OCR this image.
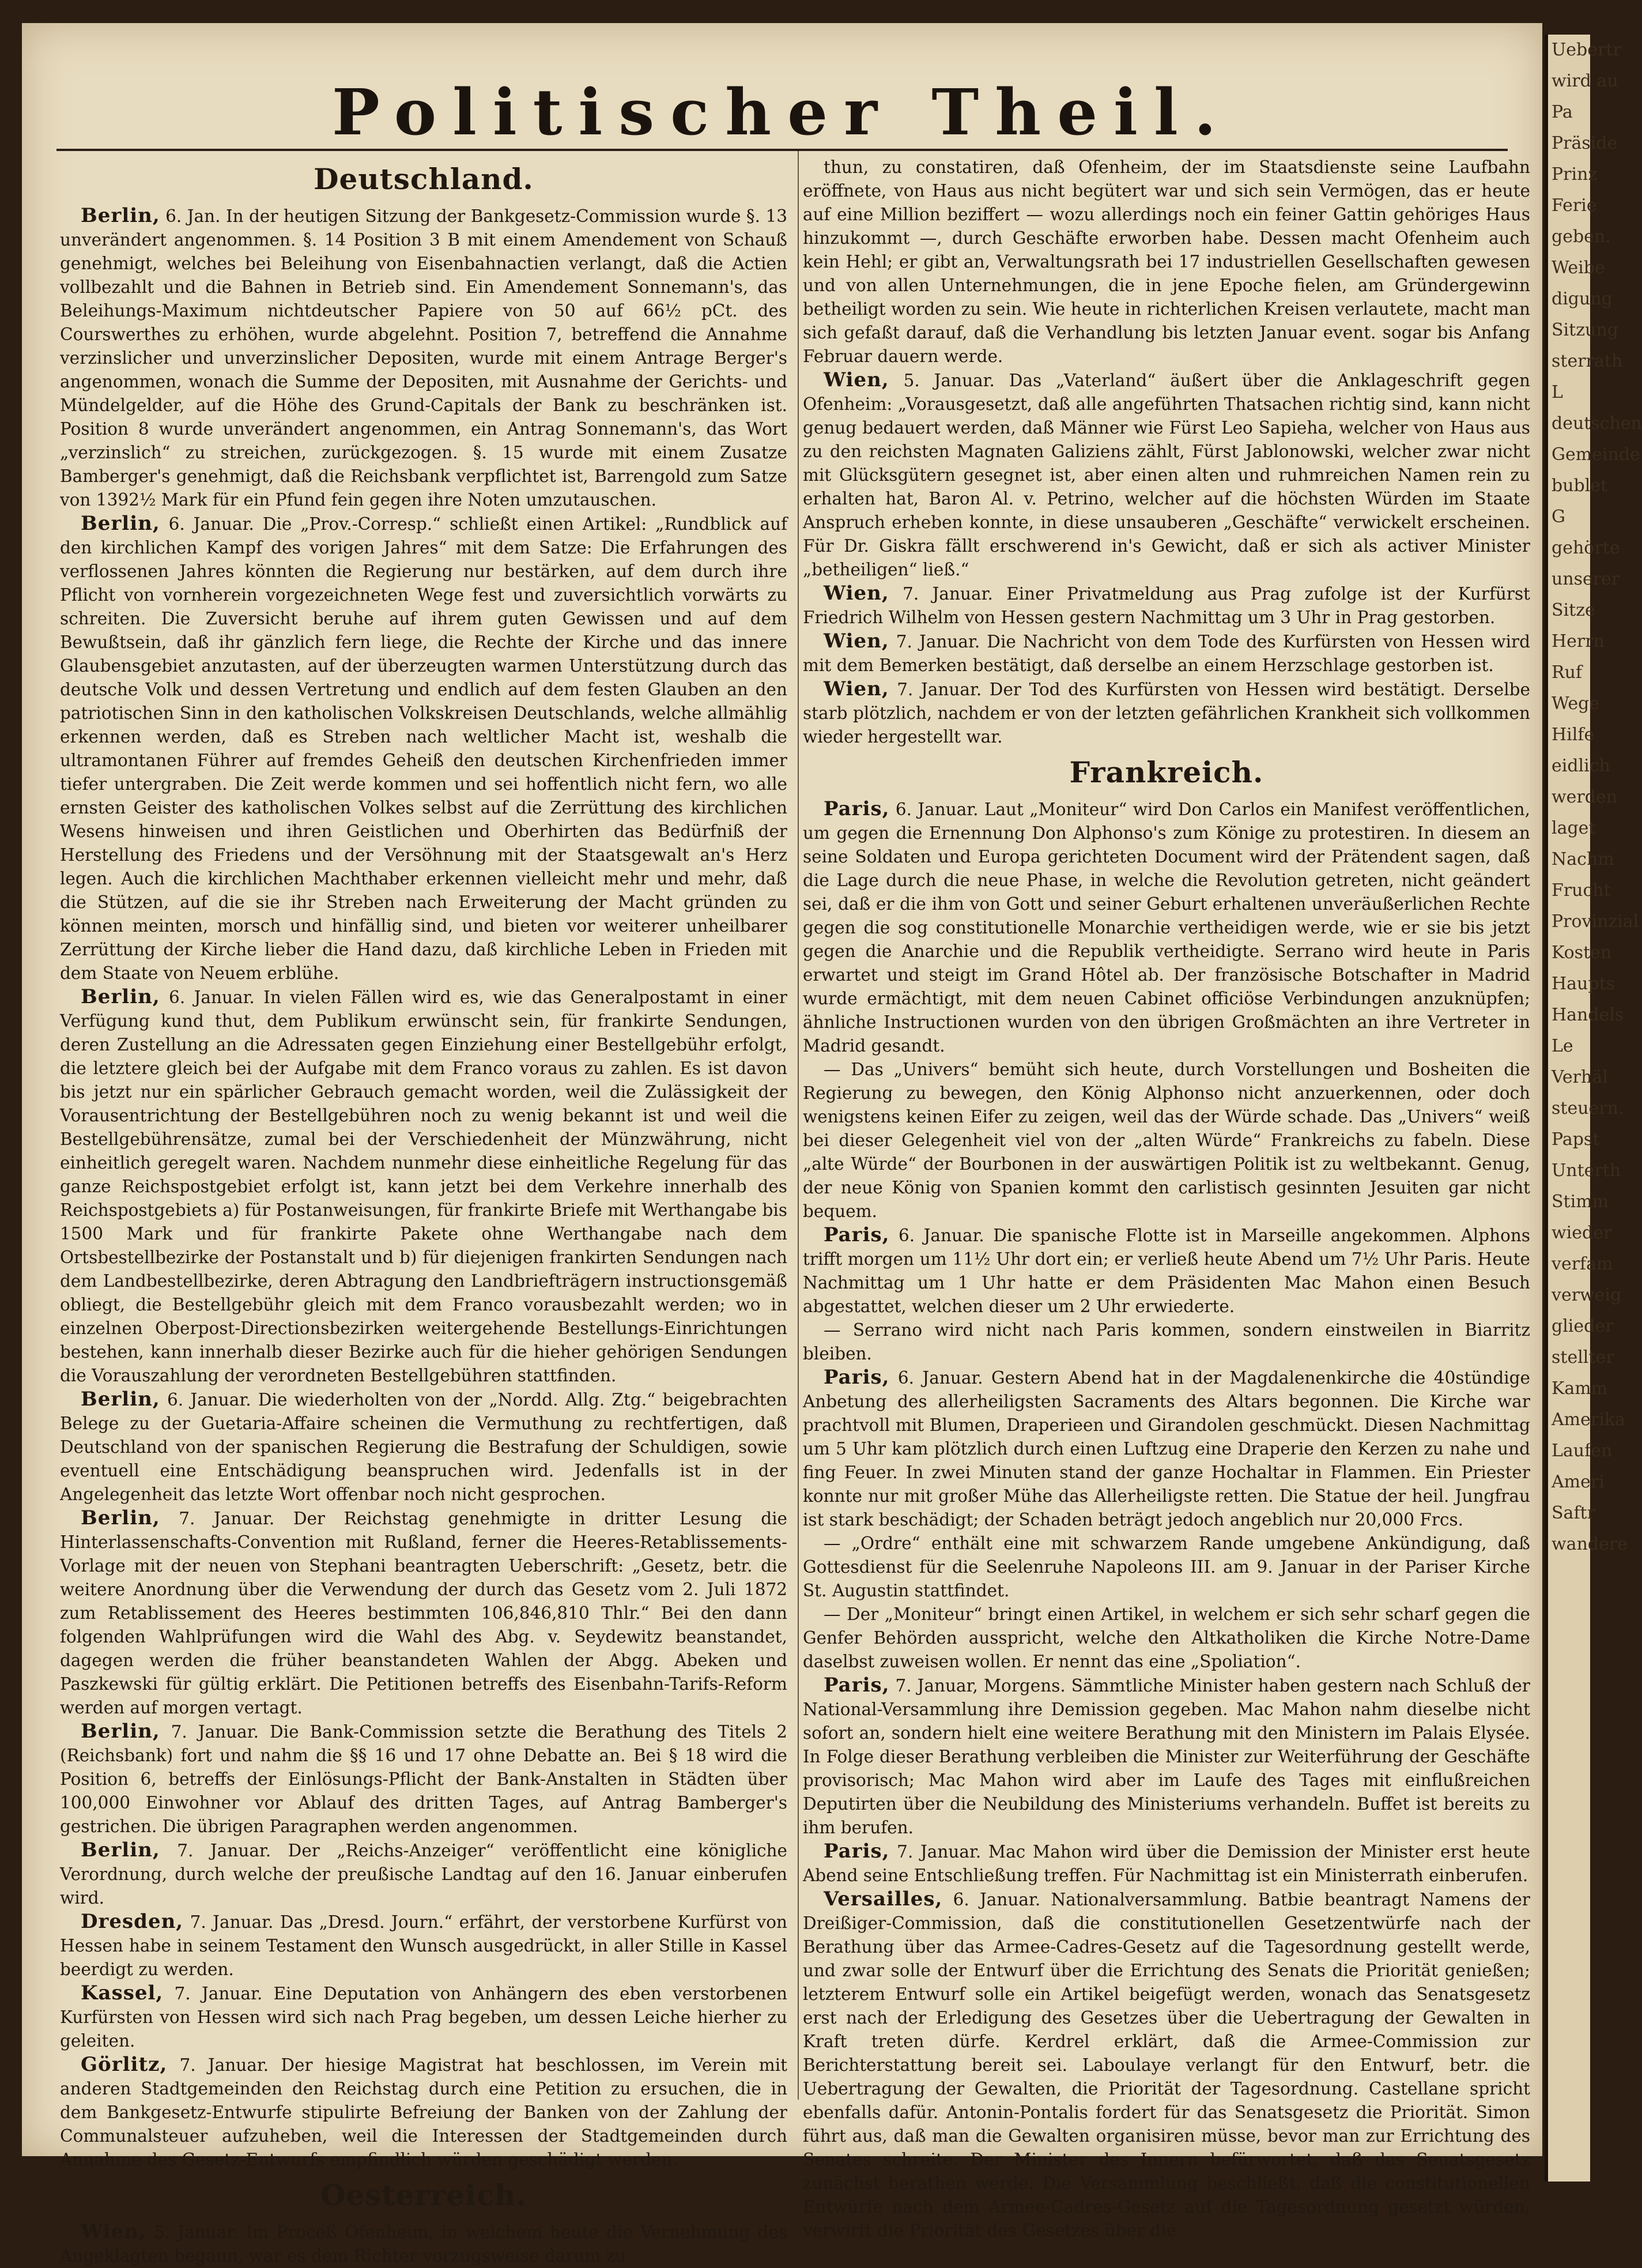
Politischer Theil.
Deutschland.

Berlin, 6. Jan. In der heutigen Sitzung der Bankgesetz-Commission wurde §. 13 unverändert angenommen. §. 14 Position 3 B mit einem Amendement von Schauß genehmigt, welches bei Beleihung von Eisenbahnactien verlangt, daß die Actien vollbezahlt und die Bahnen in Betrieb sind. Ein Amendement Sonnemann's, das Beleihungs-Maximum nichtdeutscher Papiere von 50 auf 66½ pCt. des Courswerthes zu erhöhen, wurde abgelehnt. Position 7, betreffend die Annahme verzinslicher und unverzinslicher Depositen, wurde mit einem Antrage Berger's angenommen, wonach die Summe der Depositen, mit Ausnahme der Gerichts- und Mündelgelder, auf die Höhe des Grund-Capitals der Bank zu beschränken ist. Position 8 wurde unverändert angenommen, ein Antrag Sonnemann's, das Wort „verzinslich“ zu streichen, zurückgezogen. §. 15 wurde mit einem Zusatze Bamberger's genehmigt, daß die Reichsbank verpflichtet ist, Barrengold zum Satze von 1392½ Mark für ein Pfund fein gegen ihre Noten umzutauschen.

Berlin, 6. Januar. Die „Prov.-Corresp.“ schließt einen Artikel: „Rundblick auf den kirchlichen Kampf des vorigen Jahres“ mit dem Satze: Die Erfahrungen des verflossenen Jahres könnten die Regierung nur bestärken, auf dem durch ihre Pflicht von vornherein vorgezeichneten Wege fest und zuversichtlich vorwärts zu schreiten. Die Zuversicht beruhe auf ihrem guten Gewissen und auf dem Bewußtsein, daß ihr gänzlich fern liege, die Rechte der Kirche und das innere Glaubensgebiet anzutasten, auf der überzeugten warmen Unterstützung durch das deutsche Volk und dessen Vertretung und endlich auf dem festen Glauben an den patriotischen Sinn in den katholischen Volkskreisen Deutschlands, welche allmählig erkennen werden, daß es Streben nach weltlicher Macht ist, weshalb die ultramontanen Führer auf fremdes Geheiß den deutschen Kirchenfrieden immer tiefer untergraben. Die Zeit werde kommen und sei hoffentlich nicht fern, wo alle ernsten Geister des katholischen Volkes selbst auf die Zerrüttung des kirchlichen Wesens hinweisen und ihren Geistlichen und Oberhirten das Bedürfniß der Herstellung des Friedens und der Versöhnung mit der Staatsgewalt an's Herz legen. Auch die kirchlichen Machthaber erkennen vielleicht mehr und mehr, daß die Stützen, auf die sie ihr Streben nach Erweiterung der Macht gründen zu können meinten, morsch und hinfällig sind, und bieten vor weiterer unheilbarer Zerrüttung der Kirche lieber die Hand dazu, daß kirchliche Leben in Frieden mit dem Staate von Neuem erblühe.

Berlin, 6. Januar. In vielen Fällen wird es, wie das Generalpostamt in einer Verfügung kund thut, dem Publikum erwünscht sein, für frankirte Sendungen, deren Zustellung an die Adressaten gegen Einziehung einer Bestellgebühr erfolgt, die letztere gleich bei der Aufgabe mit dem Franco voraus zu zahlen. Es ist davon bis jetzt nur ein spärlicher Gebrauch gemacht worden, weil die Zulässigkeit der Vorausentrichtung der Bestellgebühren noch zu wenig bekannt ist und weil die Bestellgebührensätze, zumal bei der Verschiedenheit der Münzwährung, nicht einheitlich geregelt waren. Nachdem nunmehr diese einheitliche Regelung für das ganze Reichspostgebiet erfolgt ist, kann jetzt bei dem Verkehre innerhalb des Reichspostgebiets a) für Postanweisungen, für frankirte Briefe mit Werthangabe bis 1500 Mark und für frankirte Pakete ohne Werthangabe nach dem Ortsbestellbezirke der Postanstalt und b) für diejenigen frankirten Sendungen nach dem Landbestellbezirke, deren Abtragung den Landbriefträgern instructionsgemäß obliegt, die Bestellgebühr gleich mit dem Franco vorausbezahlt werden; wo in einzelnen Oberpost-Directionsbezirken weitergehende Bestellungs-Einrichtungen bestehen, kann innerhalb dieser Bezirke auch für die hieher gehörigen Sendungen die Vorauszahlung der verordneten Bestellgebühren stattfinden.

Berlin, 6. Januar. Die wiederholten von der „Nordd. Allg. Ztg.“ beigebrachten Belege zu der Guetaria-Affaire scheinen die Vermuthung zu rechtfertigen, daß Deutschland von der spanischen Regierung die Bestrafung der Schuldigen, sowie eventuell eine Entschädigung beanspruchen wird. Jedenfalls ist in der Angelegenheit das letzte Wort offenbar noch nicht gesprochen.

Berlin, 7. Januar. Der Reichstag genehmigte in dritter Lesung die Hinterlassenschafts-Convention mit Rußland, ferner die Heeres-Retablissements-Vorlage mit der neuen von Stephani beantragten Ueberschrift: „Gesetz, betr. die weitere Anordnung über die Verwendung der durch das Gesetz vom 2. Juli 1872 zum Retablissement des Heeres bestimmten 106,846,810 Thlr.“ Bei den dann folgenden Wahlprüfungen wird die Wahl des Abg. v. Seydewitz beanstandet, dagegen werden die früher beanstandeten Wahlen der Abgg. Abeken und Paszkewski für gültig erklärt. Die Petitionen betreffs des Eisenbahn-Tarifs-Reform werden auf morgen vertagt.

Berlin, 7. Januar. Die Bank-Commission setzte die Berathung des Titels 2 (Reichsbank) fort und nahm die §§ 16 und 17 ohne Debatte an. Bei § 18 wird die Position 6, betreffs der Einlösungs-Pflicht der Bank-Anstalten in Städten über 100,000 Einwohner vor Ablauf des dritten Tages, auf Antrag Bamberger's gestrichen. Die übrigen Paragraphen werden angenommen.

Berlin, 7. Januar. Der „Reichs-Anzeiger“ veröffentlicht eine königliche Verordnung, durch welche der preußische Landtag auf den 16. Januar einberufen wird.

Dresden, 7. Januar. Das „Dresd. Journ.“ erfährt, der verstorbene Kurfürst von Hessen habe in seinem Testament den Wunsch ausgedrückt, in aller Stille in Kassel beerdigt zu werden.

Kassel, 7. Januar. Eine Deputation von Anhängern des eben verstorbenen Kurfürsten von Hessen wird sich nach Prag begeben, um dessen Leiche hierher zu geleiten.

Görlitz, 7. Januar. Der hiesige Magistrat hat beschlossen, im Verein mit anderen Stadtgemeinden den Reichstag durch eine Petition zu ersuchen, die in dem Bankgesetz-Entwurfe stipulirte Befreiung der Banken von der Zahlung der Communalsteuer aufzuheben, weil die Interessen der Stadtgemeinden durch Annahme des Gesetz-Entwurfs empfindlich würden geschädigt werden.

Oesterreich.

Wien, 5. Januar. Im Proceß Ofenheim, in welchem heute die Vernehmung des Angeklagten begann, war es dem Richter vorzugsweise darum zu

thun, zu constatiren, daß Ofenheim, der im Staatsdienste seine Laufbahn eröffnete, von Haus aus nicht begütert war und sich sein Vermögen, das er heute auf eine Million beziffert — wozu allerdings noch ein feiner Gattin gehöriges Haus hinzukommt —, durch Geschäfte erworben habe. Dessen macht Ofenheim auch kein Hehl; er gibt an, Verwaltungsrath bei 17 industriellen Gesellschaften gewesen und von allen Unternehmungen, die in jene Epoche fielen, am Gründergewinn betheiligt worden zu sein. Wie heute in richterlichen Kreisen verlautete, macht man sich gefaßt darauf, daß die Verhandlung bis letzten Januar event. sogar bis Anfang Februar dauern werde.

Wien, 5. Januar. Das „Vaterland“ äußert über die Anklageschrift gegen Ofenheim: „Vorausgesetzt, daß alle angeführten Thatsachen richtig sind, kann nicht genug bedauert werden, daß Männer wie Fürst Leo Sapieha, welcher von Haus aus zu den reichsten Magnaten Galiziens zählt, Fürst Jablonowski, welcher zwar nicht mit Glücksgütern gesegnet ist, aber einen alten und ruhmreichen Namen rein zu erhalten hat, Baron Al. v. Petrino, welcher auf die höchsten Würden im Staate Anspruch erheben konnte, in diese unsauberen „Geschäfte“ verwickelt erscheinen. Für Dr. Giskra fällt erschwerend in's Gewicht, daß er sich als activer Minister „betheiligen“ ließ.“

Wien, 7. Januar. Einer Privatmeldung aus Prag zufolge ist der Kurfürst Friedrich Wilhelm von Hessen gestern Nachmittag um 3 Uhr in Prag gestorben.

Wien, 7. Januar. Die Nachricht von dem Tode des Kurfürsten von Hessen wird mit dem Bemerken bestätigt, daß derselbe an einem Herzschlage gestorben ist.

Wien, 7. Januar. Der Tod des Kurfürsten von Hessen wird bestätigt. Derselbe starb plötzlich, nachdem er von der letzten gefährlichen Krankheit sich vollkommen wieder hergestellt war.

Frankreich.

Paris, 6. Januar. Laut „Moniteur“ wird Don Carlos ein Manifest veröffentlichen, um gegen die Ernennung Don Alphonso's zum Könige zu protestiren. In diesem an seine Soldaten und Europa gerichteten Document wird der Prätendent sagen, daß die Lage durch die neue Phase, in welche die Revolution getreten, nicht geändert sei, daß er die ihm von Gott und seiner Geburt erhaltenen unveräußerlichen Rechte gegen die sog constitutionelle Monarchie vertheidigen werde, wie er sie bis jetzt gegen die Anarchie und die Republik vertheidigte. Serrano wird heute in Paris erwartet und steigt im Grand Hôtel ab. Der französische Botschafter in Madrid wurde ermächtigt, mit dem neuen Cabinet officiöse Verbindungen anzuknüpfen; ähnliche Instructionen wurden von den übrigen Großmächten an ihre Vertreter in Madrid gesandt.

— Das „Univers“ bemüht sich heute, durch Vorstellungen und Bosheiten die Regierung zu bewegen, den König Alphonso nicht anzuerkennen, oder doch wenigstens keinen Eifer zu zeigen, weil das der Würde schade. Das „Univers“ weiß bei dieser Gelegenheit viel von der „alten Würde“ Frankreichs zu fabeln. Diese „alte Würde“ der Bourbonen in der auswärtigen Politik ist zu weltbekannt. Genug, der neue König von Spanien kommt den carlistisch gesinnten Jesuiten gar nicht bequem.

Paris, 6. Januar. Die spanische Flotte ist in Marseille angekommen. Alphons trifft morgen um 11½ Uhr dort ein; er verließ heute Abend um 7½ Uhr Paris. Heute Nachmittag um 1 Uhr hatte er dem Präsidenten Mac Mahon einen Besuch abgestattet, welchen dieser um 2 Uhr erwiederte.

— Serrano wird nicht nach Paris kommen, sondern einstweilen in Biarritz bleiben.

Paris, 6. Januar. Gestern Abend hat in der Magdalenenkirche die 40stündige Anbetung des allerheiligsten Sacraments des Altars begonnen. Die Kirche war prachtvoll mit Blumen, Draperieen und Girandolen geschmückt. Diesen Nachmittag um 5 Uhr kam plötzlich durch einen Luftzug eine Draperie den Kerzen zu nahe und fing Feuer. In zwei Minuten stand der ganze Hochaltar in Flammen. Ein Priester konnte nur mit großer Mühe das Allerheiligste retten. Die Statue der heil. Jungfrau ist stark beschädigt; der Schaden beträgt jedoch angeblich nur 20,000 Frcs.

— „Ordre“ enthält eine mit schwarzem Rande umgebene Ankündigung, daß Gottesdienst für die Seelenruhe Napoleons III. am 9. Januar in der Pariser Kirche St. Augustin stattfindet.

— Der „Moniteur“ bringt einen Artikel, in welchem er sich sehr scharf gegen die Genfer Behörden ausspricht, welche den Altkatholiken die Kirche Notre-Dame daselbst zuweisen wollen. Er nennt das eine „Spoliation“.

Paris, 7. Januar, Morgens. Sämmtliche Minister haben gestern nach Schluß der National-Versammlung ihre Demission gegeben. Mac Mahon nahm dieselbe nicht sofort an, sondern hielt eine weitere Berathung mit den Ministern im Palais Elysée. In Folge dieser Berathung verbleiben die Minister zur Weiterführung der Geschäfte provisorisch; Mac Mahon wird aber im Laufe des Tages mit einflußreichen Deputirten über die Neubildung des Ministeriums verhandeln. Buffet ist bereits zu ihm berufen.

Paris, 7. Januar. Mac Mahon wird über die Demission der Minister erst heute Abend seine Entschließung treffen. Für Nachmittag ist ein Ministerrath einberufen.

Versailles, 6. Januar. Nationalversammlung. Batbie beantragt Namens der Dreißiger-Commission, daß die constitutionellen Gesetzentwürfe nach der Berathung über das Armee-Cadres-Gesetz auf die Tagesordnung gestellt werde, und zwar solle der Entwurf über die Errichtung des Senats die Priorität genießen; letzterem Entwurf solle ein Artikel beigefügt werden, wonach das Senatsgesetz erst nach der Erledigung des Gesetzes über die Uebertragung der Gewalten in Kraft treten dürfe. Kerdrel erklärt, daß die Armee-Commission zur Berichterstattung bereit sei. Laboulaye verlangt für den Entwurf, betr. die Uebertragung der Gewalten, die Priorität der Tagesordnung. Castellane spricht ebenfalls dafür. Antonin-Pontalis fordert für das Senatsgesetz die Priorität. Simon führt aus, daß man die Gewalten organisiren müsse, bevor man zur Errichtung des Senates schreite. Der Minister des Innern befürwortet, daß das Senatsgesetz zunächst berathen werde. Die Versammlung beschließt, daß die constitutionellen Entwürfe nach dem Armee-Cadres-Gesetz auf die Tagesordnung gesetzt würden, verwirft die Priorität des Gesetzes über die

Uebertr
wird au
Pa
Präside
Prinz
Ferie
geben.
Weibe
digung
Sitzung
sterrath
L
deutschen
Gemeinde
bublet
G
gehörte
unserer
Sitze
Herrn
Ruf
Wege
Hilfe
eidlich
werden
laget
Nachm
Frucht
Provinzial
Kosten
Haupts
Handels
Le
Verhäl
steuern.
Papst
Unterth
Stimm
wieder
verfam
verweig
glieder
stellter
Kamm
Amerika
Laufen
Ameri
Saftr
wandere
